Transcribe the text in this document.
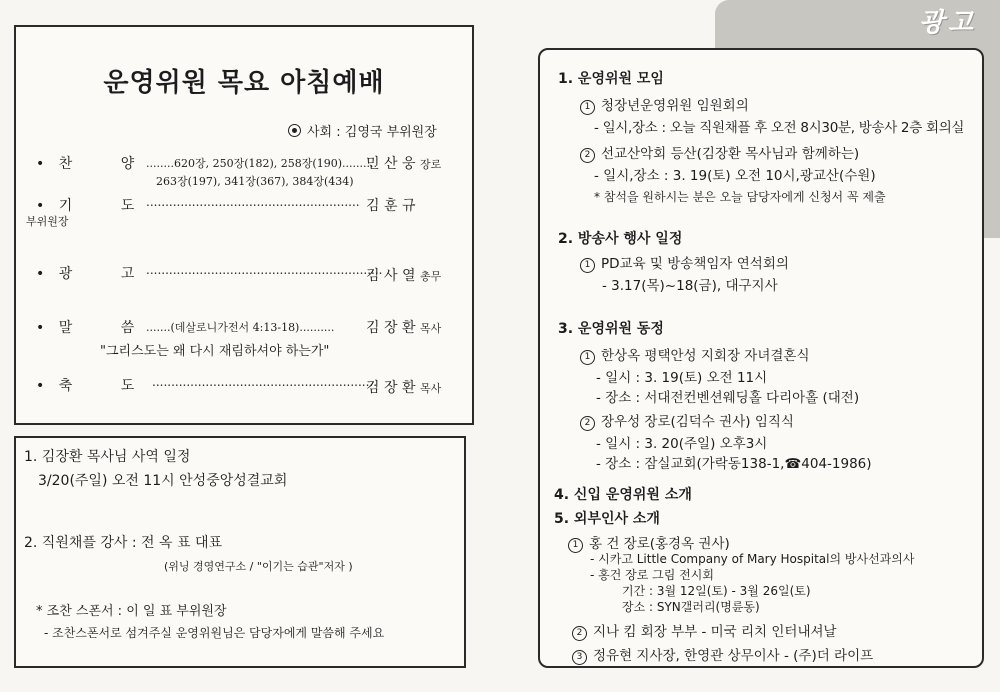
운영위원 목요 아침예배
사회 : 김영국 부위원장
• 찬 양
........620장, 250장(182), 258장(190)..........
민 산 웅 장로
263장(197), 341장(367), 384장(434)
• 기 도
........................................................ 김 훈 규
부위원장
• 광 고
..............................................................
김 사 열 총무
• 말 씀
.......(데살로니가전서 4:13-18).......... 김 장 환 목사
"그리스도는 왜 다시 재림하셔야 하는가"
• 축 도
...........................................................
김 장 환 목사
1. 김장환 목사님 사역 일정
3/20(주일) 오전 11시 안성중앙성결교회
2. 직원채플 강사 : 전 옥 표 대표
(위닝 경영연구소 / "이기는 습관"저자 )
* 조찬 스폰서 : 이 일 표 부위원장
- 조찬스폰서로 섬겨주실 운영위원님은 담당자에게 말씀해 주세요
광고
1. 운영위원 모임
1 청장년운영위원 임원회의
- 일시,장소 : 오늘 직원채플 후 오전 8시30분, 방송사 2층 회의실
2 선교산악회 등산(김장환 목사님과 함께하는)
- 일시,장소 : 3. 19(토) 오전 10시,광교산(수원)
* 참석을 원하시는 분은 오늘 담당자에게 신청서 꼭 제출
2. 방송사 행사 일정
1 PD교육 및 방송책임자 연석회의
- 3.17(목)~18(금), 대구지사
3. 운영위원 동정
1 한상옥 평택안성 지회장 자녀결혼식
- 일시 : 3. 19(토) 오전 11시
- 장소 : 서대전컨벤션웨딩홀 다리아홀 (대전)
2 장우성 장로(김덕수 권사) 임직식
- 일시 : 3. 20(주일) 오후3시
- 장소 : 잠실교회(가락동138-1,☎404-1986)
4. 신입 운영위원 소개
5. 외부인사 소개
1 홍 건 장로(홍경옥 권사)
- 시카고 Little Company of Mary Hospital의 방사선과의사
- 홍건 장로 그림 전시회
기간 : 3월 12일(토) - 3월 26일(토)
장소 : SYN갤러리(명륜동)
2 지나 킴 회장 부부 - 미국 리치 인터내셔날
3 정유현 지사장, 한영관 상무이사 - (주)더 라이프
